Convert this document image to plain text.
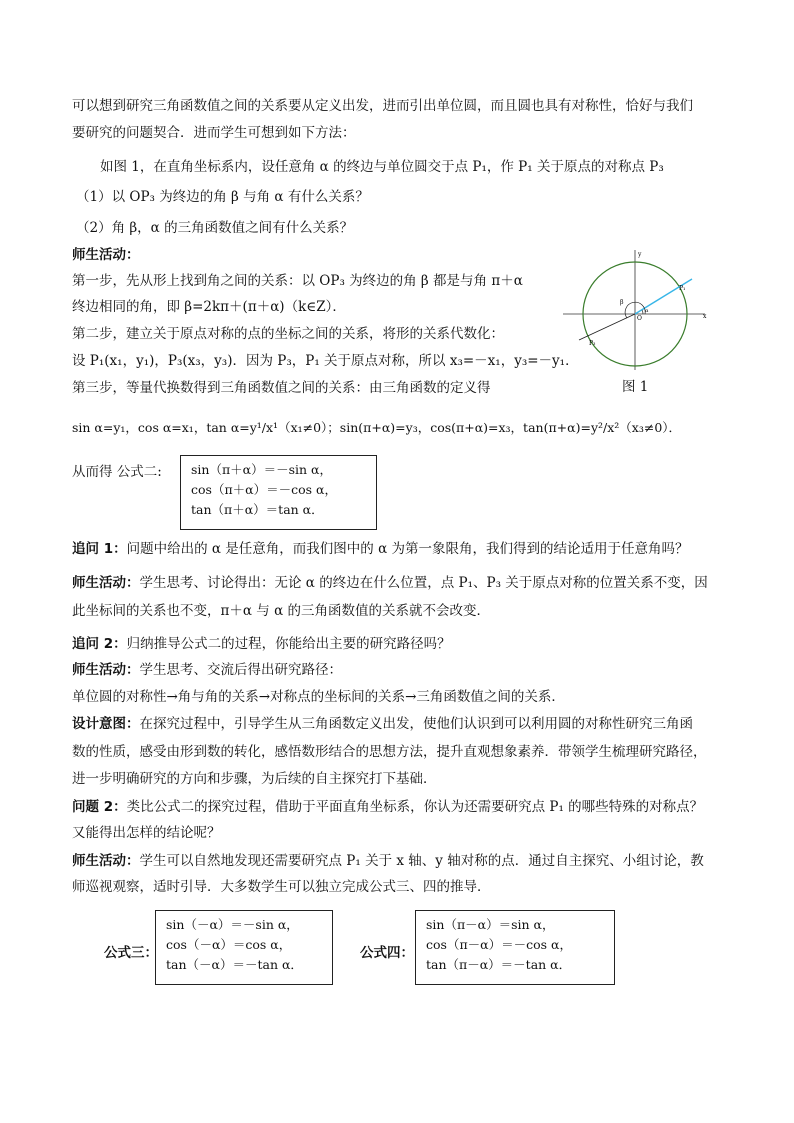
可以想到研究三角函数值之间的关系要从定义出发，进而引出单位圆，而且圆也具有对称性，恰好与我们
要研究的问题契合．进而学生可想到如下方法：
如图 1，在直角坐标系内，设任意角 α 的终边与单位圆交于点 P₁，作 P₁ 关于原点的对称点 P₃
（1）以 OP₃ 为终边的角 β 与角 α 有什么关系？
（2）角 β，α 的三角函数值之间有什么关系？
师生活动：
第一步，先从形上找到角之间的关系：以 OP₃ 为终边的角 β 都是与角 π＋α
终边相同的角，即 β=2kπ＋(π＋α)（k∈Z）．
第二步，建立关于原点对称的点的坐标之间的关系，将形的关系代数化：
设 P₁(x₁，y₁)，P₃(x₃，y₃)．因为 P₃，P₁ 关于原点对称，所以 x₃=－x₁，y₃=－y₁．
第三步，等量代换数得到三角函数值之间的关系：由三角函数的定义得
sin α=y₁，cos α=x₁，tan α=y¹/x¹（x₁≠0）；sin(π+α)=y₃，cos(π+α)=x₃，tan(π+α)=y²/x²（x₃≠0）．
x
y
O
P₁
P₃
α
β
图 1
从而得 公式二: sin（π＋α）＝－sin α，
cos（π＋α）＝－cos α，
tan（π＋α）＝tan α．
追问 1：问题中给出的 α 是任意角，而我们图中的 α 为第一象限角，我们得到的结论适用于任意角吗？
师生活动：学生思考、讨论得出：无论 α 的终边在什么位置，点 P₁、P₃ 关于原点对称的位置关系不变，因
此坐标间的关系也不变，π＋α 与 α 的三角函数值的关系就不会改变．
追问 2：归纳推导公式二的过程，你能给出主要的研究路径吗？
师生活动：学生思考、交流后得出研究路径：
单位圆的对称性→角与角的关系→对称点的坐标间的关系→三角函数值之间的关系．
设计意图：在探究过程中，引导学生从三角函数定义出发，使他们认识到可以利用圆的对称性研究三角函
数的性质，感受由形到数的转化，感悟数形结合的思想方法，提升直观想象素养．带领学生梳理研究路径，
进一步明确研究的方向和步骤，为后续的自主探究打下基础．
问题 2：类比公式二的探究过程，借助于平面直角坐标系，你认为还需要研究点 P₁ 的哪些特殊的对称点？
又能得出怎样的结论呢？
师生活动：学生可以自然地发现还需要研究点 P₁ 关于 x 轴、y 轴对称的点．通过自主探究、小组讨论，教
师巡视观察，适时引导．大多数学生可以独立完成公式三、四的推导．
公式三：
sin（－α）＝－sin α，
cos（－α）＝cos α，
tan（－α）＝－tan α．
公式四：
sin（π－α）＝sin α，
cos（π－α）＝－cos α，
tan（π－α）＝－tan α．
